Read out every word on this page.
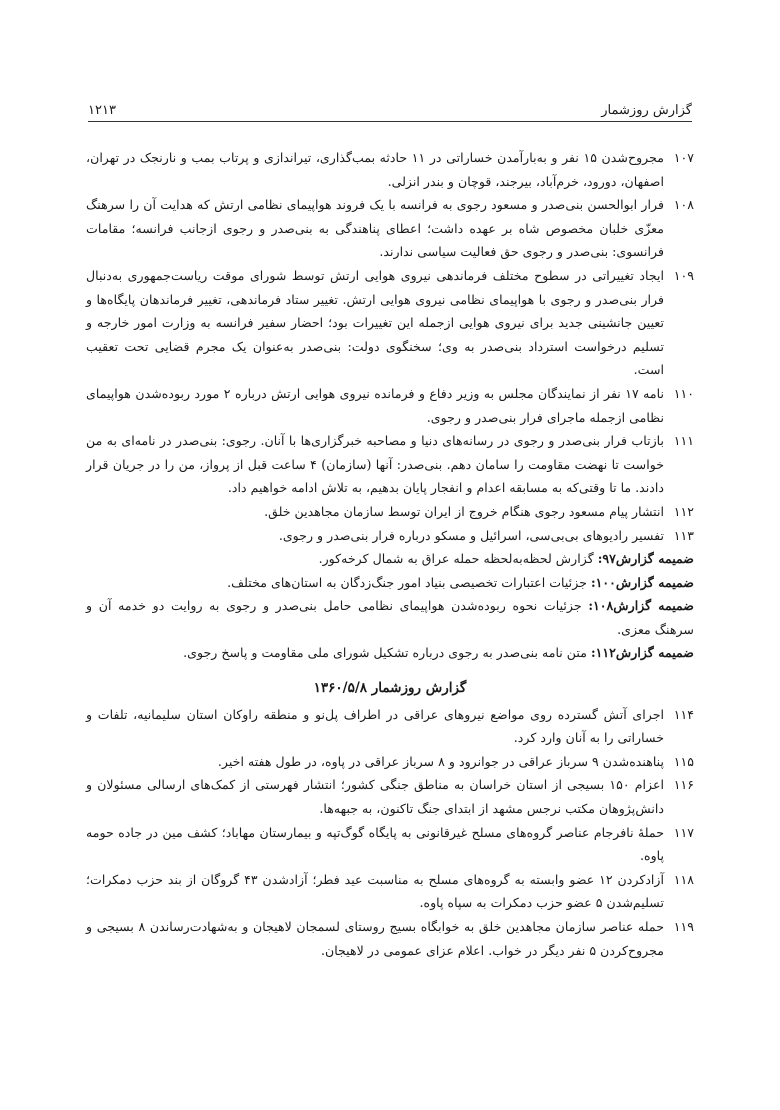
گزارش روزشمار
۱۲۱۳
۱۰۷
مجروح‌شدن ۱۵ نفر و به‌بارآمدن خساراتی در ۱۱ حادثه بمب‌گذاری، تیراندازی و پرتاب بمب و نارنجک در تهران، اصفهان، دورود، خرم‌آباد، بیرجند، قوچان و بندر انزلی.
۱۰۸
فرار ابوالحسن بنی‌صدر و مسعود رجوی به فرانسه با یک فروند هواپیمای نظامی ارتش که هدایت آن را سرهنگ معزّی خلبان مخصوص شاه بر عهده داشت؛ اعطای پناهندگی به بنی‌صدر و رجوی ازجانب فرانسه؛ مقامات فرانسوی: بنی‌صدر و رجوی حق فعالیت سیاسی ندارند.
۱۰۹
ایجاد تغییراتی در سطوح مختلف فرماندهی نیروی هوایی ارتش توسط شورای موقت ریاست‌جمهوری به‌دنبال فرار بنی‌صدر و رجوی با هواپیمای نظامی نیروی هوایی ارتش. تغییر ستاد فرماندهی، تغییر فرماندهان پایگاه‌ها و تعیین جانشینی جدید برای نیروی هوایی ازجمله این تغییرات بود؛ احضار سفیر فرانسه به وزارت امور خارجه و تسلیم درخواست استرداد بنی‌صدر به وی؛ سخنگوی دولت: بنی‌صدر به‌عنوان یک مجرم قضایی تحت تعقیب است.
۱۱۰
نامه ۱۷ نفر از نمایندگان مجلس به وزیر دفاع و فرمانده نیروی هوایی ارتش درباره ۲ مورد ربوده‌شدن هواپیمای نظامی ازجمله ماجرای فرار بنی‌صدر و رجوی.
۱۱۱
بازتاب فرار بنی‌صدر و رجوی در رسانه‌های دنیا و مصاحبه خبرگزاری‌ها با آنان. رجوی: بنی‌صدر در نامه‌ای به من خواست تا نهضت مقاومت را سامان دهم. بنی‌صدر: آنها (سازمان) ۴ ساعت قبل از پرواز، من را در جریان قرار دادند. ما تا وقتی‌که به مسابقه اعدام و انفجار پایان بدهیم، به تلاش ادامه خواهیم داد.
۱۱۲
انتشار پیام مسعود رجوی هنگام خروج از ایران توسط سازمان مجاهدین خلق.
۱۱۳
تفسیر رادیوهای بی‌بی‌سی، اسرائیل و مسکو درباره فرار بنی‌صدر و رجوی.
ضمیمه گزارش۹۷: گزارش لحظه‌به‌لحظه حمله عراق به شمال کرخه‌کور.
ضمیمه گزارش۱۰۰: جزئیات اعتبارات تخصیصی بنیاد امور جنگ‌زدگان به استان‌های مختلف.
ضمیمه گزارش۱۰۸: جزئیات نحوه ربوده‌شدن هواپیمای نظامی حامل بنی‌صدر و رجوی به روایت دو خدمه آن و سرهنگ معزی.
ضمیمه گزارش۱۱۲: متن نامه بنی‌صدر به رجوی درباره تشکیل شورای ملی مقاومت و پاسخ رجوی.
گزارش روزشمار ۱۳۶۰/۵/۸
۱۱۴
اجرای آتش گسترده روی مواضع نیروهای عراقی در اطراف پل‌نو و منطقه راوکان استان سلیمانیه، تلفات و خساراتی را به آنان وارد کرد.
۱۱۵
پناهنده‌شدن ۹ سرباز عراقی در جوانرود و ۸ سرباز عراقی در پاوه، در طول هفته اخیر.
۱۱۶
اعزام ۱۵۰ بسیجی از استان خراسان به مناطق جنگی کشور؛ انتشار فهرستی از کمک‌های ارسالی مسئولان و دانش‌پژوهان مکتب نرجس مشهد از ابتدای جنگ تاکنون، به جبهه‌ها.
۱۱۷
حملهٔ نافرجام عناصر گروه‌های مسلح غیرقانونی به پایگاه گوگ‌تپه و بیمارستان مهاباد؛ کشف مین در جاده حومه پاوه.
۱۱۸
آزادکردن ۱۲ عضو وابسته به گروه‌های مسلح به مناسبت عید فطر؛ آزادشدن ۴۳ گروگان از بند حزب دمکرات؛ تسلیم‌شدن ۵ عضو حزب دمکرات به سپاه پاوه.
۱۱۹
حمله عناصر سازمان مجاهدین خلق به خوابگاه بسیج روستای لسمجان لاهیجان و به‌شهادت‌رساندن ۸ بسیجی و مجروح‌کردن ۵ نفر دیگر در خواب. اعلام عزای عمومی در لاهیجان.
